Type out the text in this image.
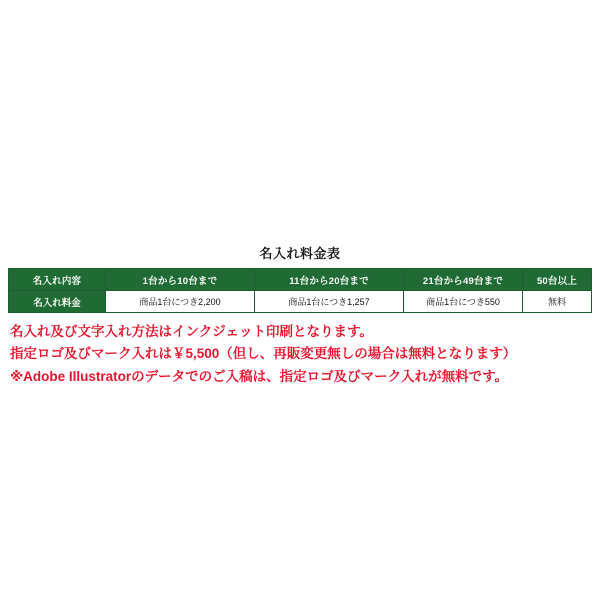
名入れ料金表
名入れ内容	1台から10台まで	11台から20台まで	21台から49台まで	50台以上
名入れ料金	商品1台につき2,200	商品1台につき1,257	商品1台につき550	無料
名入れ及び文字入れ方法はインクジェット印刷となります。
指定ロゴ及びマーク入れは￥5,500（但し、再販変更無しの場合は無料となります）
※Adobe Illustratorのデータでのご入稿は、指定ロゴ及びマーク入れが無料です。
